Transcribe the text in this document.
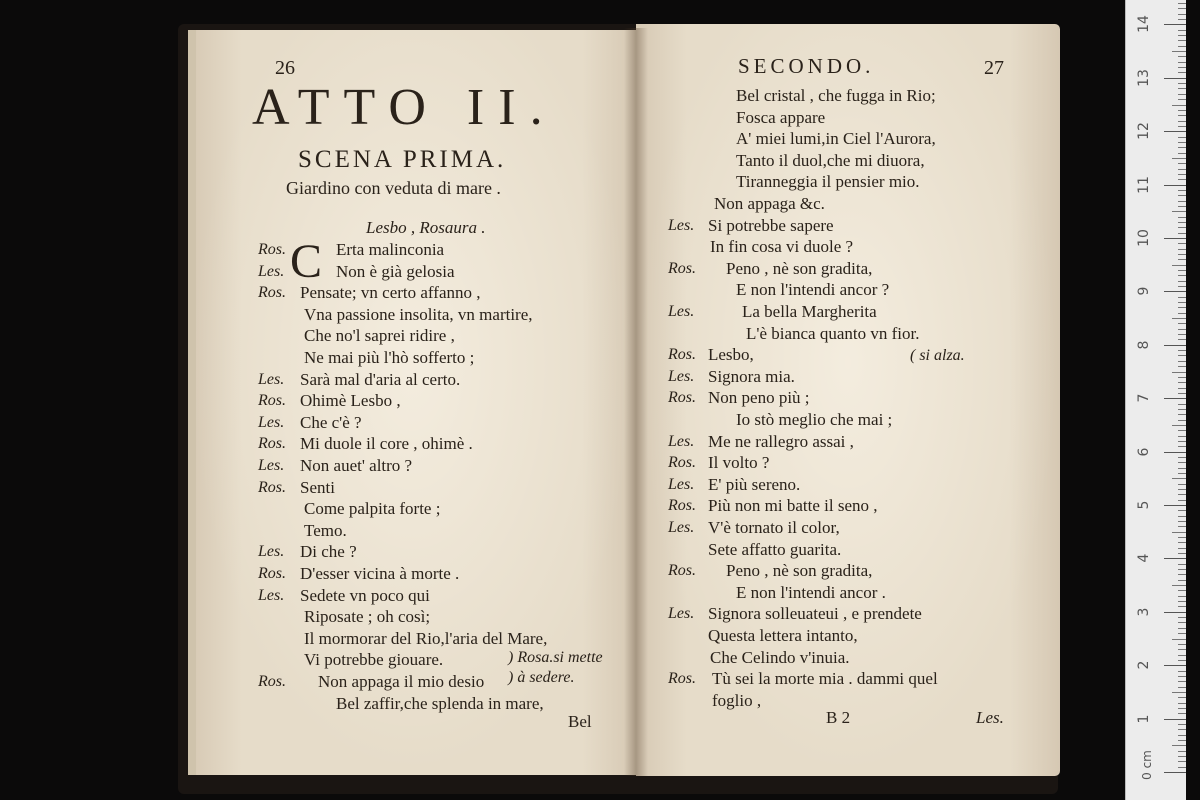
26
ATTO II.
SCENA PRIMA.
Giardino con veduta di mare .
Lesbo , Rosaura .
C
Ros.	Erta malinconia
Les.	Non è già gelosia
Ros. Pensate; vn certo affanno ,
Vna passione insolita, vn martire,
Che no'l saprei ridire ,
Ne mai più l'hò sofferto ;
Les. Sarà mal d'aria al certo.
Ros. Ohimè Lesbo ,
Les. Che c'è ?
Ros. Mi duole il core , ohimè .
Les. Non auet' altro ?
Ros. Senti
Come palpita forte ;
Temo.
Les. Di che ?
Ros. D'esser vicina à morte .
Les. Sedete vn poco qui
Riposate ; oh così;
Il mormorar del Rio,l'aria del Mare,
Vi potrebbe giouare.
Ros. Non appaga il mio desio
Bel zaffir,che splenda in mare,
) Rosa.si mette
) à sedere.
Bel
SECONDO.	27
Bel cristal , che fugga in Rio;
Fosca appare
A' miei lumi,in Ciel l'Aurora,
Tanto il duol,che mi diuora,
Tiranneggia il pensier mio.
Non appaga &c.
Les. Si potrebbe sapere
In fin cosa vi duole ?
Ros. Peno , nè son gradita,
E non l'intendi ancor ?
Les.	La bella Margherita
L'è bianca quanto vn fior.
Ros. Lesbo,
Les. Signora mia.
Ros. Non peno più ;
Io stò meglio che mai ;
Les. Me ne rallegro assai ,
Ros. Il volto ?
Les. E' più sereno.
Ros. Più non mi batte il seno ,
Les. V'è tornato il color,
Sete affatto guarita.
Ros. Peno , nè son gradita,
E non l'intendi ancor .
Les. Signora solleuateui , e prendete
Questa lettera intanto,
Che Celindo v'inuia.
Ros. Tù sei la morte mia . dammi quel
foglio ,
( si alza.
B 2	Les.
0 cm
14
13
12
11
10
9
8
7
6
5
4
3
2
1
